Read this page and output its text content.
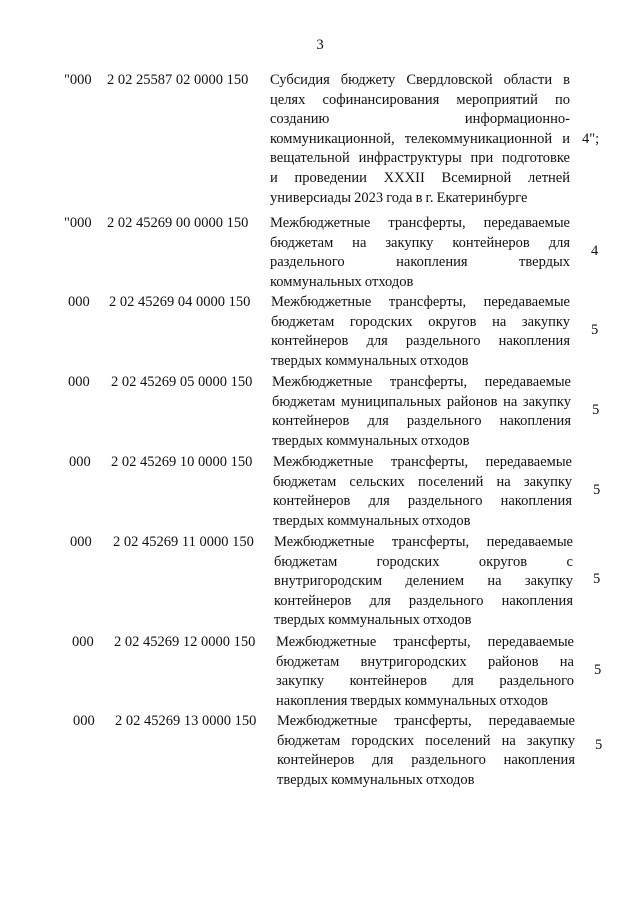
3
"000 2 02 25587 02 0000 150 Субсидия бюджету Свердловской области в
целях софинансирования мероприятий по
созданию информационно-
коммуникационной, телекоммуникационной и
вещательной инфраструктуры при подготовке
и проведении XXXII Всемирной летней
универсиады 2023 года в г. Екатеринбурге
4";
"000 2 02 45269 00 0000 150 Межбюджетные трансферты, передаваемые
бюджетам на закупку контейнеров для
раздельного накопления твердых
коммунальных отходов
4
000 2 02 45269 04 0000 150 Межбюджетные трансферты, передаваемые
бюджетам городских округов на закупку
контейнеров для раздельного накопления
твердых коммунальных отходов
5
000 2 02 45269 05 0000 150 Межбюджетные трансферты, передаваемые
бюджетам муниципальных районов на закупку
контейнеров для раздельного накопления
твердых коммунальных отходов
5
000 2 02 45269 10 0000 150 Межбюджетные трансферты, передаваемые
бюджетам сельских поселений на закупку
контейнеров для раздельного накопления
твердых коммунальных отходов
5
000 2 02 45269 11 0000 150 Межбюджетные трансферты, передаваемые
бюджетам городских округов с
внутригородским делением на закупку
контейнеров для раздельного накопления
твердых коммунальных отходов
5
000 2 02 45269 12 0000 150 Межбюджетные трансферты, передаваемые
бюджетам внутригородских районов на
закупку контейнеров для раздельного
накопления твердых коммунальных отходов
5
000 2 02 45269 13 0000 150 Межбюджетные трансферты, передаваемые
бюджетам городских поселений на закупку
контейнеров для раздельного накопления
твердых коммунальных отходов
5
